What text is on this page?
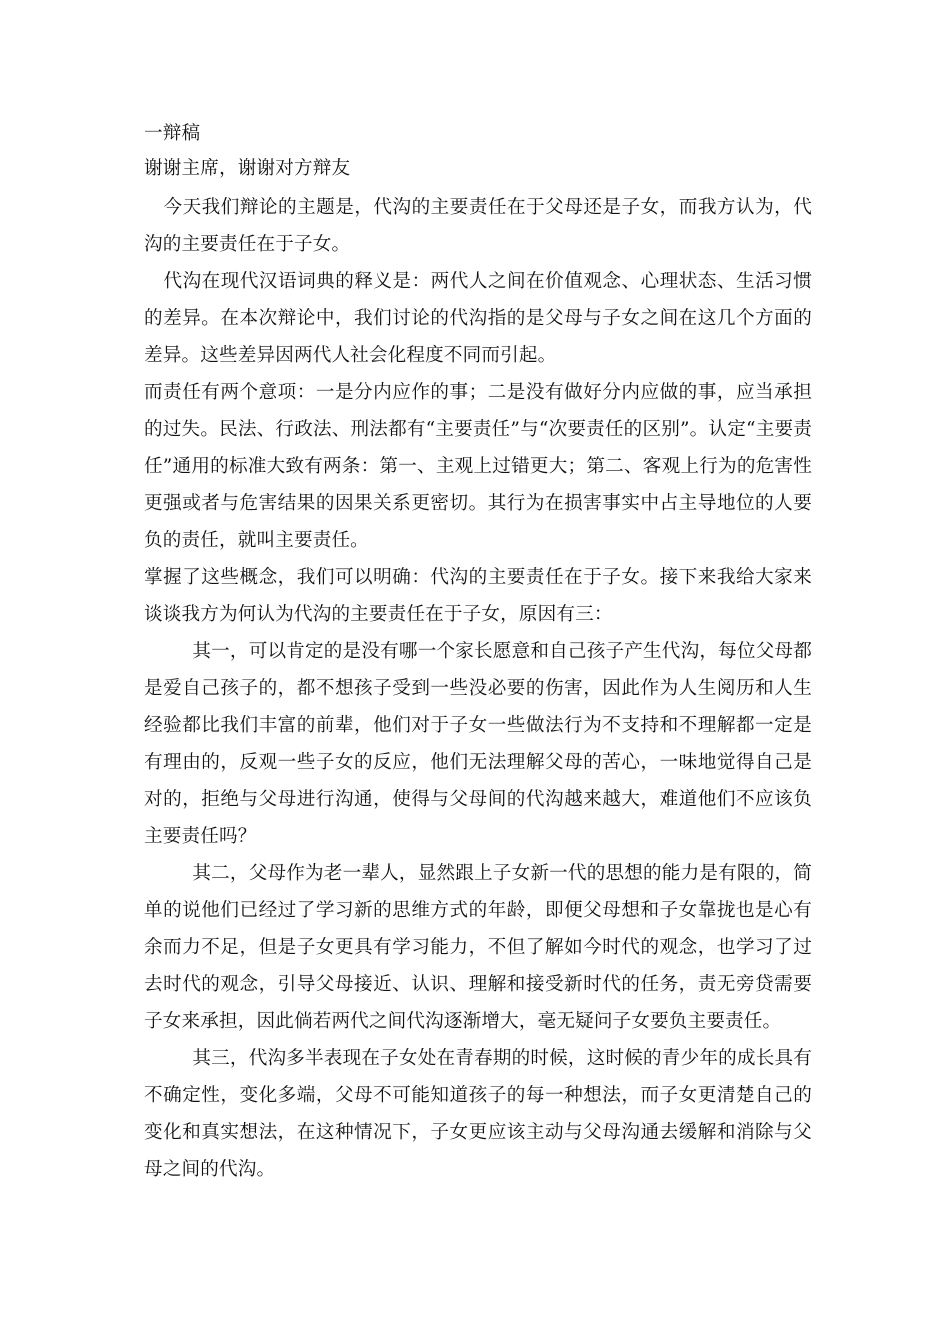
一辩稿

谢谢主席，谢谢对方辩友

今天我们辩论的主题是，代沟的主要责任在于父母还是子女，而我方认为，代沟的主要责任在于子女。

代沟在现代汉语词典的释义是：两代人之间在价值观念、心理状态、生活习惯的差异。在本次辩论中，我们讨论的代沟指的是父母与子女之间在这几个方面的差异。这些差异因两代人社会化程度不同而引起。

而责任有两个意项：一是分内应作的事；二是没有做好分内应做的事，应当承担的过失。民法、行政法、刑法都有“主要责任”与“次要责任的区别”。认定“主要责任”通用的标准大致有两条：第一、主观上过错更大；第二、客观上行为的危害性更强或者与危害结果的因果关系更密切。其行为在损害事实中占主导地位的人要负的责任，就叫主要责任。

掌握了这些概念，我们可以明确：代沟的主要责任在于子女。接下来我给大家来谈谈我方为何认为代沟的主要责任在于子女，原因有三：

其一，可以肯定的是没有哪一个家长愿意和自己孩子产生代沟，每位父母都是爱自己孩子的，都不想孩子受到一些没必要的伤害，因此作为人生阅历和人生经验都比我们丰富的前辈，他们对于子女一些做法行为不支持和不理解都一定是有理由的，反观一些子女的反应，他们无法理解父母的苦心，一味地觉得自己是对的，拒绝与父母进行沟通，使得与父母间的代沟越来越大，难道他们不应该负主要责任吗？

其二，父母作为老一辈人，显然跟上子女新一代的思想的能力是有限的，简单的说他们已经过了学习新的思维方式的年龄，即便父母想和子女靠拢也是心有余而力不足，但是子女更具有学习能力，不但了解如今时代的观念，也学习了过去时代的观念，引导父母接近、认识、理解和接受新时代的任务，责无旁贷需要子女来承担，因此倘若两代之间代沟逐渐增大，毫无疑问子女要负主要责任。

其三，代沟多半表现在子女处在青春期的时候，这时候的青少年的成长具有不确定性，变化多端，父母不可能知道孩子的每一种想法，而子女更清楚自己的变化和真实想法，在这种情况下，子女更应该主动与父母沟通去缓解和消除与父母之间的代沟。
